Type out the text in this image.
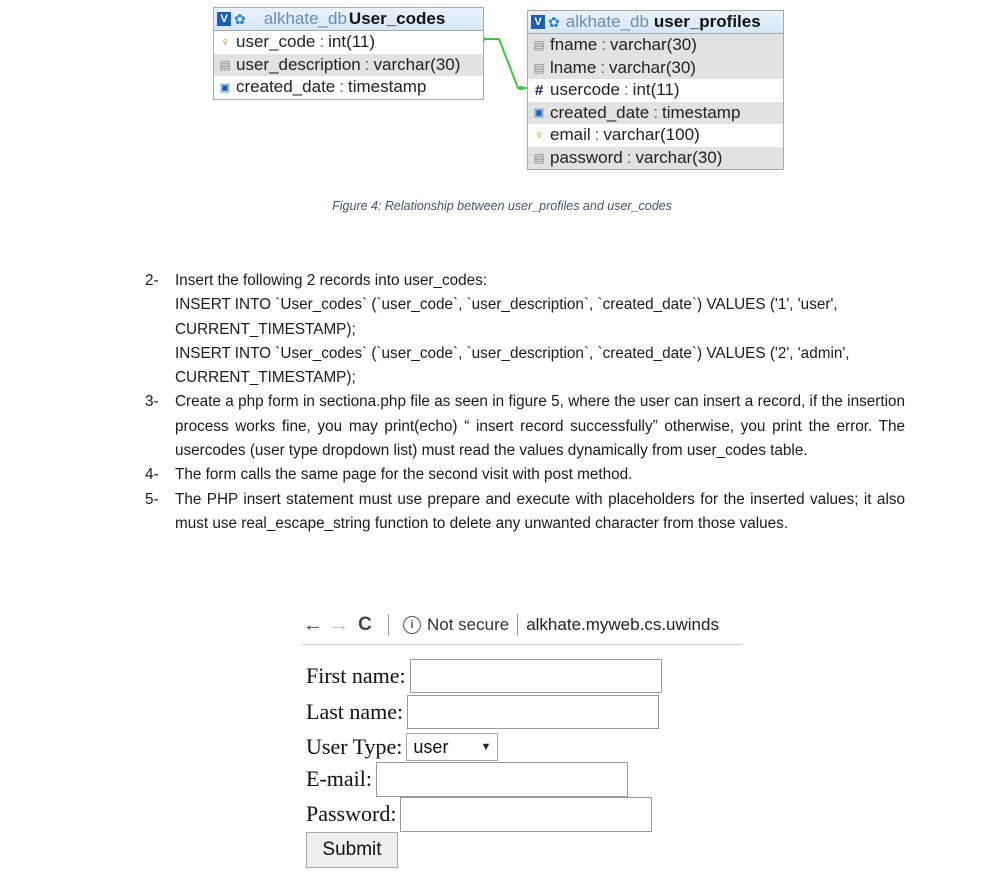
V ✿ alkhate_db User_codes
♀ user_code : int(11)
▤ user_description : varchar(30)
▣ created_date : timestamp
V ✿ alkhate_db user_profiles
▤ fname : varchar(30)
▤ lname : varchar(30)
# usercode : int(11)
▣ created_date : timestamp
♀ email : varchar(100)
▤ password : varchar(30)
Figure 4: Relationship between user_profiles and user_codes
2- Insert the following 2 records into user_codes:

INSERT INTO `User_codes` (`user_code`, `user_description`, `created_date`) VALUES ('1', 'user', CURRENT_TIMESTAMP);

INSERT INTO `User_codes` (`user_code`, `user_description`, `created_date`) VALUES ('2', 'admin', CURRENT_TIMESTAMP);

3- Create a php form in sectiona.php file as seen in figure 5, where the user can insert a record, if the insertion process works fine, you may print(echo) “ insert record successfully” otherwise, you print the error. The usercodes (user type dropdown list) must read the values dynamically from user_codes table.

4- The form calls the same page for the second visit with post method.

5- The PHP insert statement must use prepare and execute with placeholders for the inserted values; it also must use real_escape_string function to delete any unwanted character from those values.

← → C	i Not secure alkhate.myweb.cs.uwinds
First name:
Last name:
User Type: user	▼
E-mail:
Password:
Submit
